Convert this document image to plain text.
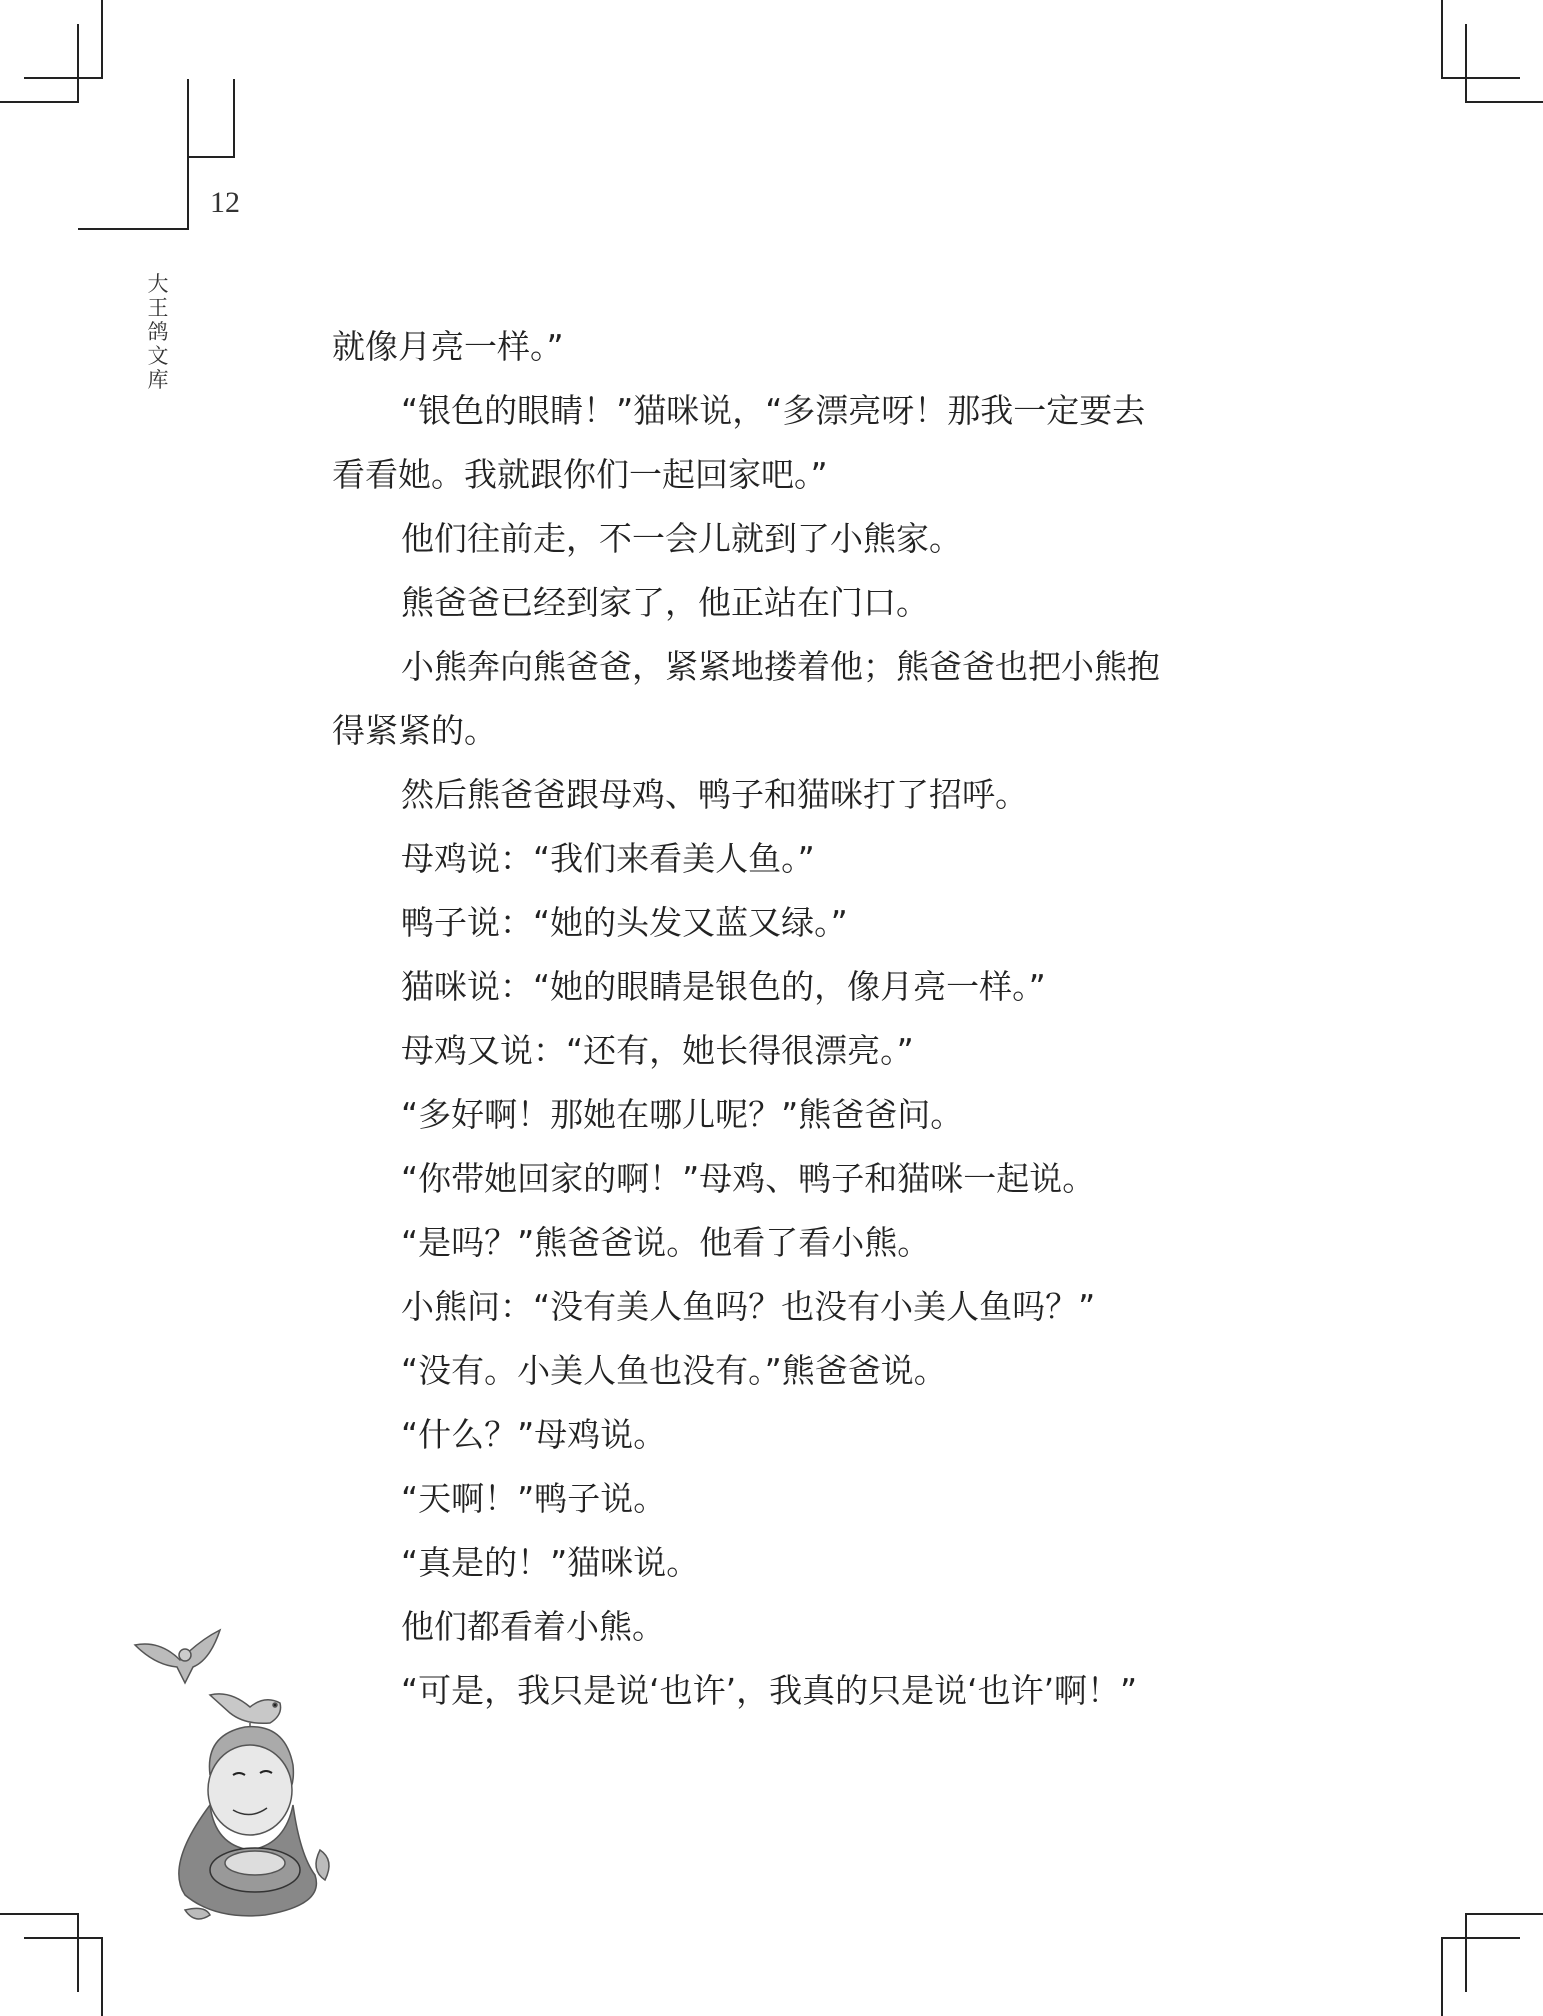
12
大
王
鸽
文
库
就像月亮一样。”
“银色的眼睛！”猫咪说，“多漂亮呀！那我一定要去
看看她。我就跟你们一起回家吧。”
他们往前走，不一会儿就到了小熊家。
熊爸爸已经到家了，他正站在门口。
小熊奔向熊爸爸，紧紧地搂着他；熊爸爸也把小熊抱
得紧紧的。
然后熊爸爸跟母鸡、鸭子和猫咪打了招呼。
母鸡说：“我们来看美人鱼。”
鸭子说：“她的头发又蓝又绿。”
猫咪说：“她的眼睛是银色的，像月亮一样。”
母鸡又说：“还有，她长得很漂亮。”
“多好啊！那她在哪儿呢？”熊爸爸问。
“你带她回家的啊！”母鸡、鸭子和猫咪一起说。
“是吗？”熊爸爸说。他看了看小熊。
小熊问：“没有美人鱼吗？也没有小美人鱼吗？”
“没有。小美人鱼也没有。”熊爸爸说。
“什么？”母鸡说。
“天啊！”鸭子说。
“真是的！”猫咪说。
他们都看着小熊。
“可是，我只是说‘也许’，我真的只是说‘也许’啊！”
